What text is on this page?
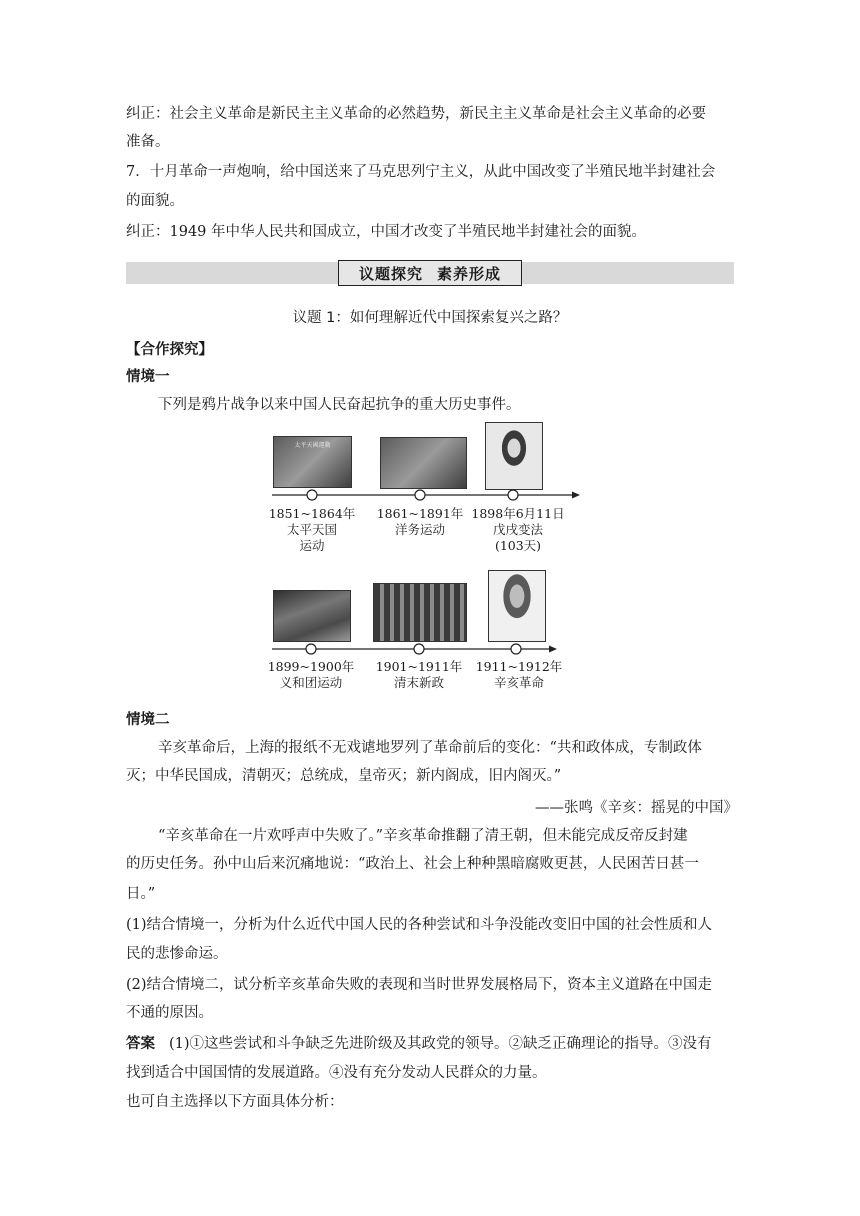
纠正：社会主义革命是新民主主义革命的必然趋势，新民主主义革命是社会主义革命的必要
准备。
7．十月革命一声炮响，给中国送来了马克思列宁主义，从此中国改变了半殖民地半封建社会
的面貌。
纠正：1949 年中华人民共和国成立，中国才改变了半殖民地半封建社会的面貌。
议题探究 素养形成
议题 1：如何理解近代中国探索复兴之路？
【合作探究】
情境一
下列是鸦片战争以来中国人民奋起抗争的重大历史事件。
太平天國運動
1851~1864年
太平天国
运动
1861~1891年
洋务运动
1898年6月11日
戊戌变法
(103天)
1899~1900年
义和团运动
1901~1911年
清末新政
1911~1912年
辛亥革命
情境二
辛亥革命后，上海的报纸不无戏谑地罗列了革命前后的变化：“共和政体成，专制政体
灭；中华民国成，清朝灭；总统成，皇帝灭；新内阁成，旧内阁灭。”
——张鸣《辛亥：摇晃的中国》
“辛亥革命在一片欢呼声中失败了。”辛亥革命推翻了清王朝，但未能完成反帝反封建
的历史任务。孙中山后来沉痛地说：“政治上、社会上种种黑暗腐败更甚，人民困苦日甚一
日。”
(1)结合情境一，分析为什么近代中国人民的各种尝试和斗争没能改变旧中国的社会性质和人
民的悲惨命运。
(2)结合情境二，试分析辛亥革命失败的表现和当时世界发展格局下，资本主义道路在中国走
不通的原因。
答案 (1)①这些尝试和斗争缺乏先进阶级及其政党的领导。②缺乏正确理论的指导。③没有
找到适合中国国情的发展道路。④没有充分发动人民群众的力量。
也可自主选择以下方面具体分析：
